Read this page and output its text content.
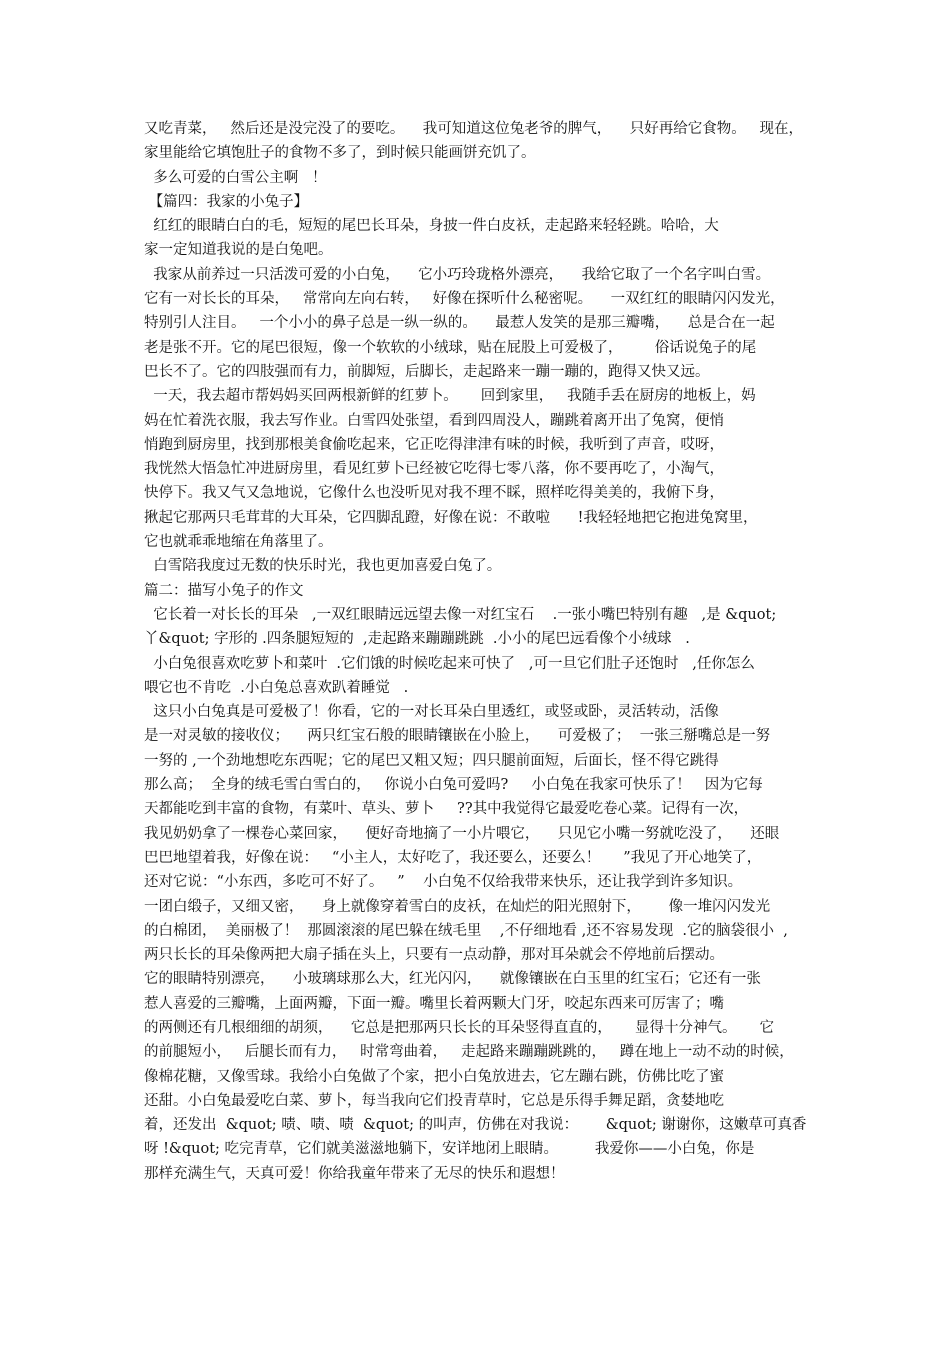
又吃青菜，   然后还是没完没了的要吃。    我可知道这位兔老爷的脾气，    只好再给它食物。   现在，
家里能给它填饱肚子的食物不多了，到时候只能画饼充饥了。
多么可爱的白雪公主啊   ！
【篇四：我家的小兔子】
红红的眼睛白白的毛，短短的尾巴长耳朵，身披一件白皮袄，走起路来轻轻跳。哈哈，大
家一定知道我说的是白兔吧。
我家从前养过一只活泼可爱的小白兔，    它小巧玲珑格外漂亮，    我给它取了一个名字叫白雪。
它有一对长长的耳朵，   常常向左向右转，   好像在探听什么秘密呢。    一双红红的眼睛闪闪发光，
特别引人注目。   一个小小的鼻子总是一纵一纵的。    最惹人发笑的是那三瓣嘴，    总是合在一起
老是张不开。它的尾巴很短，像一个软软的小绒球，贴在屁股上可爱极了，       俗话说兔子的尾
巴长不了。它的四肢强而有力，前脚短，后脚长，走起路来一蹦一蹦的，跑得又快又远。
一天，我去超市帮妈妈买回两根新鲜的红萝卜。     回到家里，   我随手丢在厨房的地板上，妈
妈在忙着洗衣服，我去写作业。白雪四处张望，看到四周没人，蹦跳着离开出了兔窝，便悄
悄跑到厨房里，找到那根美食偷吃起来，它正吃得津津有味的时候，我听到了声音，哎呀，
我恍然大悟急忙冲进厨房里，看见红萝卜已经被它吃得七零八落，你不要再吃了，小淘气，
快停下。我又气又急地说，它像什么也没听见对我不理不睬，照样吃得美美的，我俯下身，
揪起它那两只毛茸茸的大耳朵，它四脚乱蹬，好像在说：不敢啦      !我轻轻地把它抱进兔窝里，
它也就乖乖地缩在角落里了。
白雪陪我度过无数的快乐时光，我也更加喜爱白兔了。
篇二：描写小兔子的作文
它长着一对长长的耳朵   ,一双红眼睛远远望去像一对红宝石    .一张小嘴巴特别有趣   ,是 &quot;
丫&quot; 字形的 .四条腿短短的  ,走起路来蹦蹦跳跳  .小小的尾巴远看像个小绒球   .
小白兔很喜欢吃萝卜和菜叶  .它们饿的时候吃起来可快了   ,可一旦它们肚子还饱时   ,任你怎么
喂它也不肯吃  .小白兔总喜欢趴着睡觉   .
这只小白兔真是可爱极了！你看，它的一对长耳朵白里透红，或竖或卧，灵活转动，活像
是一对灵敏的接收仪；    两只红宝石般的眼睛镶嵌在小脸上，    可爱极了；  一张三掰嘴总是一努
一努的 ,一个劲地想吃东西呢；它的尾巴又粗又短；四只腿前面短，后面长，怪不得它跳得
那么高；  全身的绒毛雪白雪白的，   你说小白兔可爱吗?     小白兔在我家可快乐了！   因为它每
天都能吃到丰富的食物，有菜叶、草头、萝卜     ??其中我觉得它最爱吃卷心菜。记得有一次，
我见奶奶拿了一棵卷心菜回家，    便好奇地摘了一小片喂它，    只见它小嘴一努就吃没了，    还眼
巴巴地望着我，好像在说：   “小主人，太好吃了，我还要么，还要么！     ”我见了开心地笑了，
还对它说：“小东西，多吃可不好了。   ”    小白兔不仅给我带来快乐，还让我学到许多知识。
一团白缎子，又细又密，    身上就像穿着雪白的皮袄，在灿烂的阳光照射下，      像一堆闪闪发光
的白棉团，  美丽极了！  那圆滚滚的尾巴躲在绒毛里    ,不仔细地看 ,还不容易发现  .它的脑袋很小  ,
两只长长的耳朵像两把大扇子插在头上，只要有一点动静，那对耳朵就会不停地前后摆动。
它的眼睛特别漂亮，    小玻璃球那么大，红光闪闪，    就像镶嵌在白玉里的红宝石；它还有一张
惹人喜爱的三瓣嘴，上面两瓣，下面一瓣。嘴里长着两颗大门牙，咬起东西来可厉害了；嘴
的两侧还有几根细细的胡须，    它总是把那两只长长的耳朵竖得直直的，     显得十分神气。     它
的前腿短小，   后腿长而有力，   时常弯曲着，   走起路来蹦蹦跳跳的，   蹲在地上一动不动的时候，
像棉花糖，又像雪球。我给小白兔做了个家，把小白兔放进去，它左蹦右跳，仿佛比吃了蜜
还甜。小白兔最爱吃白菜、萝卜，每当我向它们投青草时，它总是乐得手舞足蹈，贪婪地吃
着，还发出  &quot; 啧、啧、啧  &quot; 的叫声，仿佛在对我说：      &quot; 谢谢你，这嫩草可真香
呀 !&quot; 吃完青草，它们就美滋滋地躺下，安详地闭上眼睛。        我爱你——小白兔，你是
那样充满生气，天真可爱！你给我童年带来了无尽的快乐和遐想！
